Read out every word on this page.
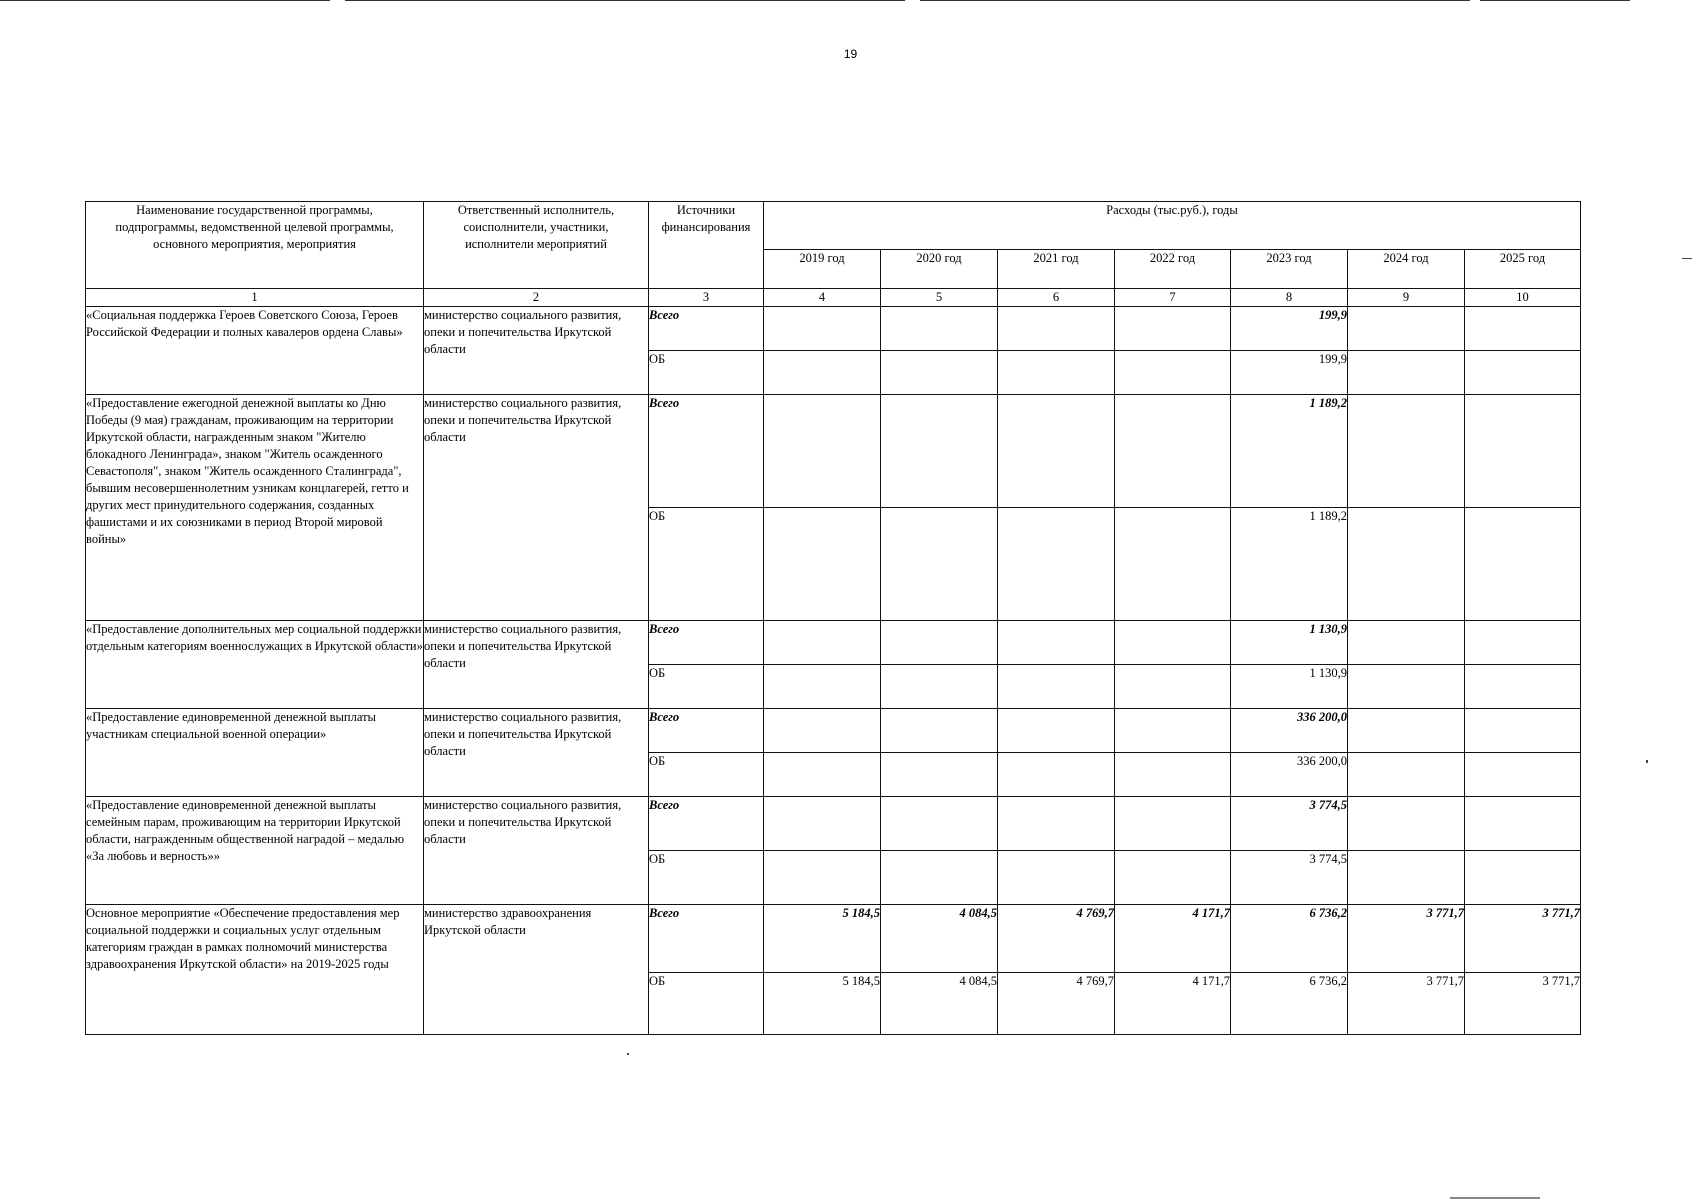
19
Наименование государственной программы, подпрограммы, ведомственной целевой программы, основного мероприятия, мероприятия	Ответственный исполнитель, соисполнители, участники, исполнители мероприятий	Источники финансирования	Расходы (тыс.руб.), годы						
			2019 год	2020 год	2021 год	2022 год	2023 год	2024 год	2025 год
1	2	3	4	5	6	7	8	9	10
«Социальная поддержка Героев Советского Союза, Героев Российской Федерации и полных кавалеров ордена Славы»	министерство социального развития, опеки и попечительства Иркутской области	Всего					199,9		
		ОБ					199,9		
«Предоставление ежегодной денежной выплаты ко Дню Победы (9 мая) гражданам, проживающим на территории Иркутской области, награжденным знаком "Жителю блокадного Ленинграда», знаком "Житель осажденного Севастополя", знаком "Житель осажденного Сталинграда", бывшим несовершеннолетним узникам концлагерей, гетто и других мест принудительного содержания, созданных фашистами и их союзниками в период Второй мировой войны»	министерство социального развития, опеки и попечительства Иркутской области	Всего					1 189,2		
		ОБ					1 189,2		
«Предоставление дополнительных мер социальной поддержки отдельным категориям военнослужащих в Иркутской области»	министерство социального развития, опеки и попечительства Иркутской области	Всего					1 130,9		
		ОБ					1 130,9		
«Предоставление единовременной денежной выплаты участникам специальной военной операции»	министерство социального развития, опеки и попечительства Иркутской области	Всего					336 200,0		
		ОБ					336 200,0		
«Предоставление единовременной денежной выплаты семейным парам, проживающим на территории Иркутской области, награжденным общественной наградой – медалью «За любовь и верность»»	министерство социального развития, опеки и попечительства Иркутской области	Всего					3 774,5		
		ОБ					3 774,5		
Основное мероприятие «Обеспечение предоставления мер социальной поддержки и социальных услуг отдельным категориям граждан в рамках полномочий министерства здравоохранения Иркутской области» на 2019-2025 годы	министерство здравоохранения Иркутской области	Всего	5 184,5	4 084,5	4 769,7	4 171,7	6 736,2	3 771,7	3 771,7
		ОБ	5 184,5	4 084,5	4 769,7	4 171,7	6 736,2	3 771,7	3 771,7
